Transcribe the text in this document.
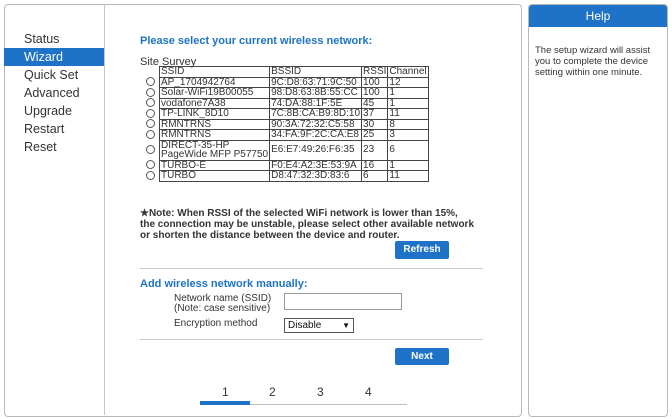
Status
Wizard
Quick Set
Advanced
Upgrade
Restart
Reset
Please select your current wireless network:
Site Survey
	SSID	BSSID	RSSI	Channel

	AP_1704942764	9C:D8:63:71:9C:50	100	12

	Solar-WiFi19B00055	98:D8:63:8B:55:CC	100	1

	vodafone7A38	74:DA:88:1F:5E	45	1

	TP-LINK_8D10	7C:8B:CA:B9:8D:10	37	11

	RMNTRNS	90:3A:72:32:C5:58	30	8

	RMNTRNS	34:FA:9F:2C:CA:E8	25	3

	DIRECT-35-HP
PageWide MFP P57750	E6:E7:49:26:F6:35	23	6

	TURBO-E	F0:E4:A2:3E:53:9A	16	1

	TURBO	D8:47:32:3D:83:6	6	11
★Note: When RSSI of the selected WiFi network is lower than 15%, the connection may be unstable, please select other available network or shorten the distance between the device and router.
Refresh
Add wireless network manually:
Network name (SSID)
(Note: case sensitive)
Encryption method	Disable	▼
Next
1	2	3	4
Help
The setup wizard will assist you to complete the device setting within one minute.
